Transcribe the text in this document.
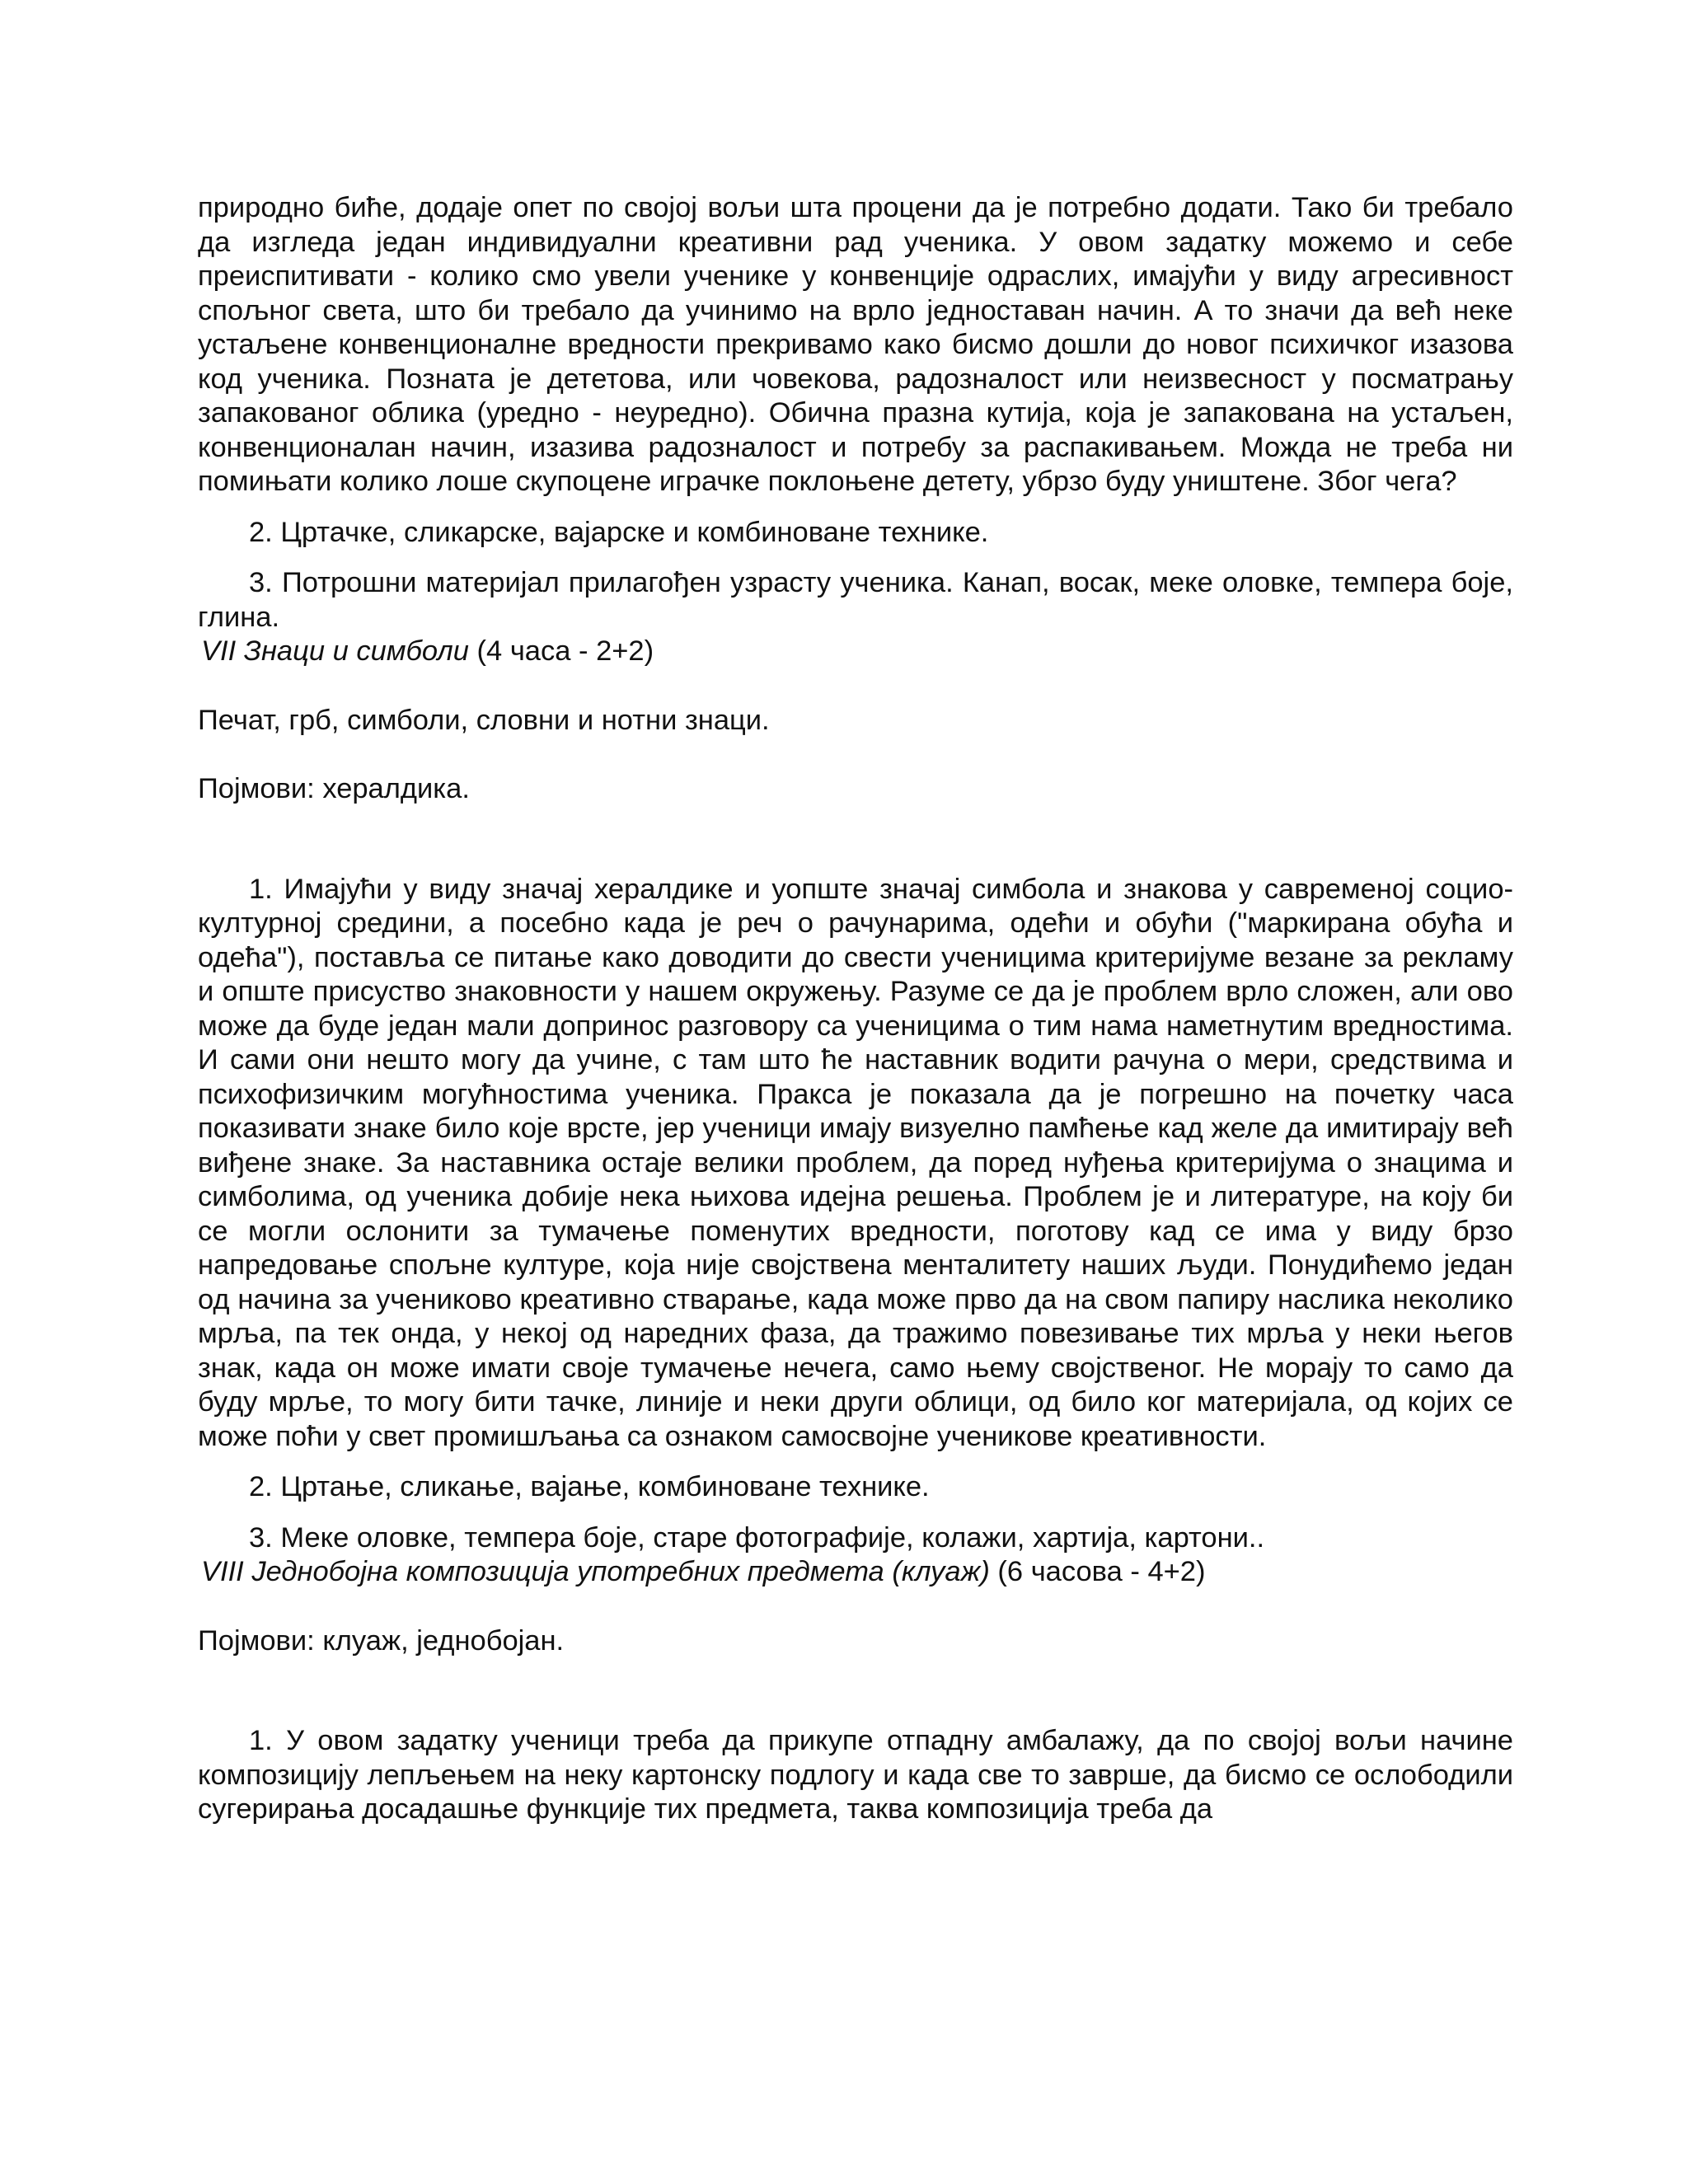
природно биће, додаје опет по својој вољи шта процени да је потребно додати. Тако би требало да изгледа један индивидуални креативни рад ученика. У овом задатку можемо и себе преиспитивати - колико смо увели ученике у конвенције одраслих, имајући у виду агресивност спољног света, што би требало да учинимо на врло једноставан начин. А то значи да већ неке устаљене конвенционалне вредности прекривамо како бисмо дошли до новог психичког изазова код ученика. Позната је дететова, или човекова, радозналост или неизвесност у посматрању запакованог облика (уредно - неуредно). Обична празна кутија, која је запакована на устаљен, конвенционалан начин, изазива радозналост и потребу за распакивањем. Можда не треба ни помињати колико лоше скупоцене играчке поклоњене детету, убрзо буду уништене. Због чега?

2. Цртачке, сликарске, вајарске и комбиноване технике.

3. Потрошни материјал прилагођен узрасту ученика. Канап, восак, меке оловке, темпера боје, глина.

VII Знаци и симболи (4 часа - 2+2)

Печат, грб, симболи, словни и нотни знаци.

Појмови: хералдика.

1. Имајући у виду значај хералдике и уопште значај симбола и знакова у савременој социо-културној средини, а посебно када је реч о рачунарима, одећи и обући ("маркирана обућа и одећа"), поставља се питање како доводити до свести ученицима критеријуме везане за рекламу и опште присуство знаковности у нашем окружењу. Разуме се да је проблем врло сложен, али ово може да буде један мали допринос разговору са ученицима о тим нама наметнутим вредностима. И сами они нешто могу да учине, с там што ће наставник водити рачуна о мери, средствима и психофизичким могућностима ученика. Пракса је показала да је погрешно на почетку часа показивати знаке било које врсте, јер ученици имају визуелно памћење кад желе да имитирају већ виђене знаке. За наставника остаје велики проблем, да поред нуђења критеријума о знацима и симболима, од ученика добије нека њихова идејна решења. Проблем је и литературе, на коју би се могли ослонити за тумачење поменутих вредности, поготову кад се има у виду брзо напредовање спољне културе, која није својствена менталитету наших људи. Понудићемо један од начина за учениково креативно стварање, када може прво да на свом папиру наслика неколико мрља, па тек онда, у некој од наредних фаза, да тражимо повезивање тих мрља у неки његов знак, када он може имати своје тумачење нечега, само њему својственог. Не морају то само да буду мрље, то могу бити тачке, линије и неки други облици, од било ког материјала, од којих се може поћи у свет промишљања са ознаком самосвојне ученикове креативности.

2. Цртање, сликање, вајање, комбиноване технике.

3. Меке оловке, темпера боје, старе фотографије, колажи, хартија, картони..

VIII Једнобојна композиција употребних предмета (клуаж) (6 часова - 4+2)

Појмови: клуаж, једнобојан.

1. У овом задатку ученици треба да прикупе отпадну амбалажу, да по својој вољи начине композицију лепљењем на неку картонску подлогу и када све то заврше, да бисмо се ослободили сугерирања досадашње функције тих предмета, таква композиција треба да
